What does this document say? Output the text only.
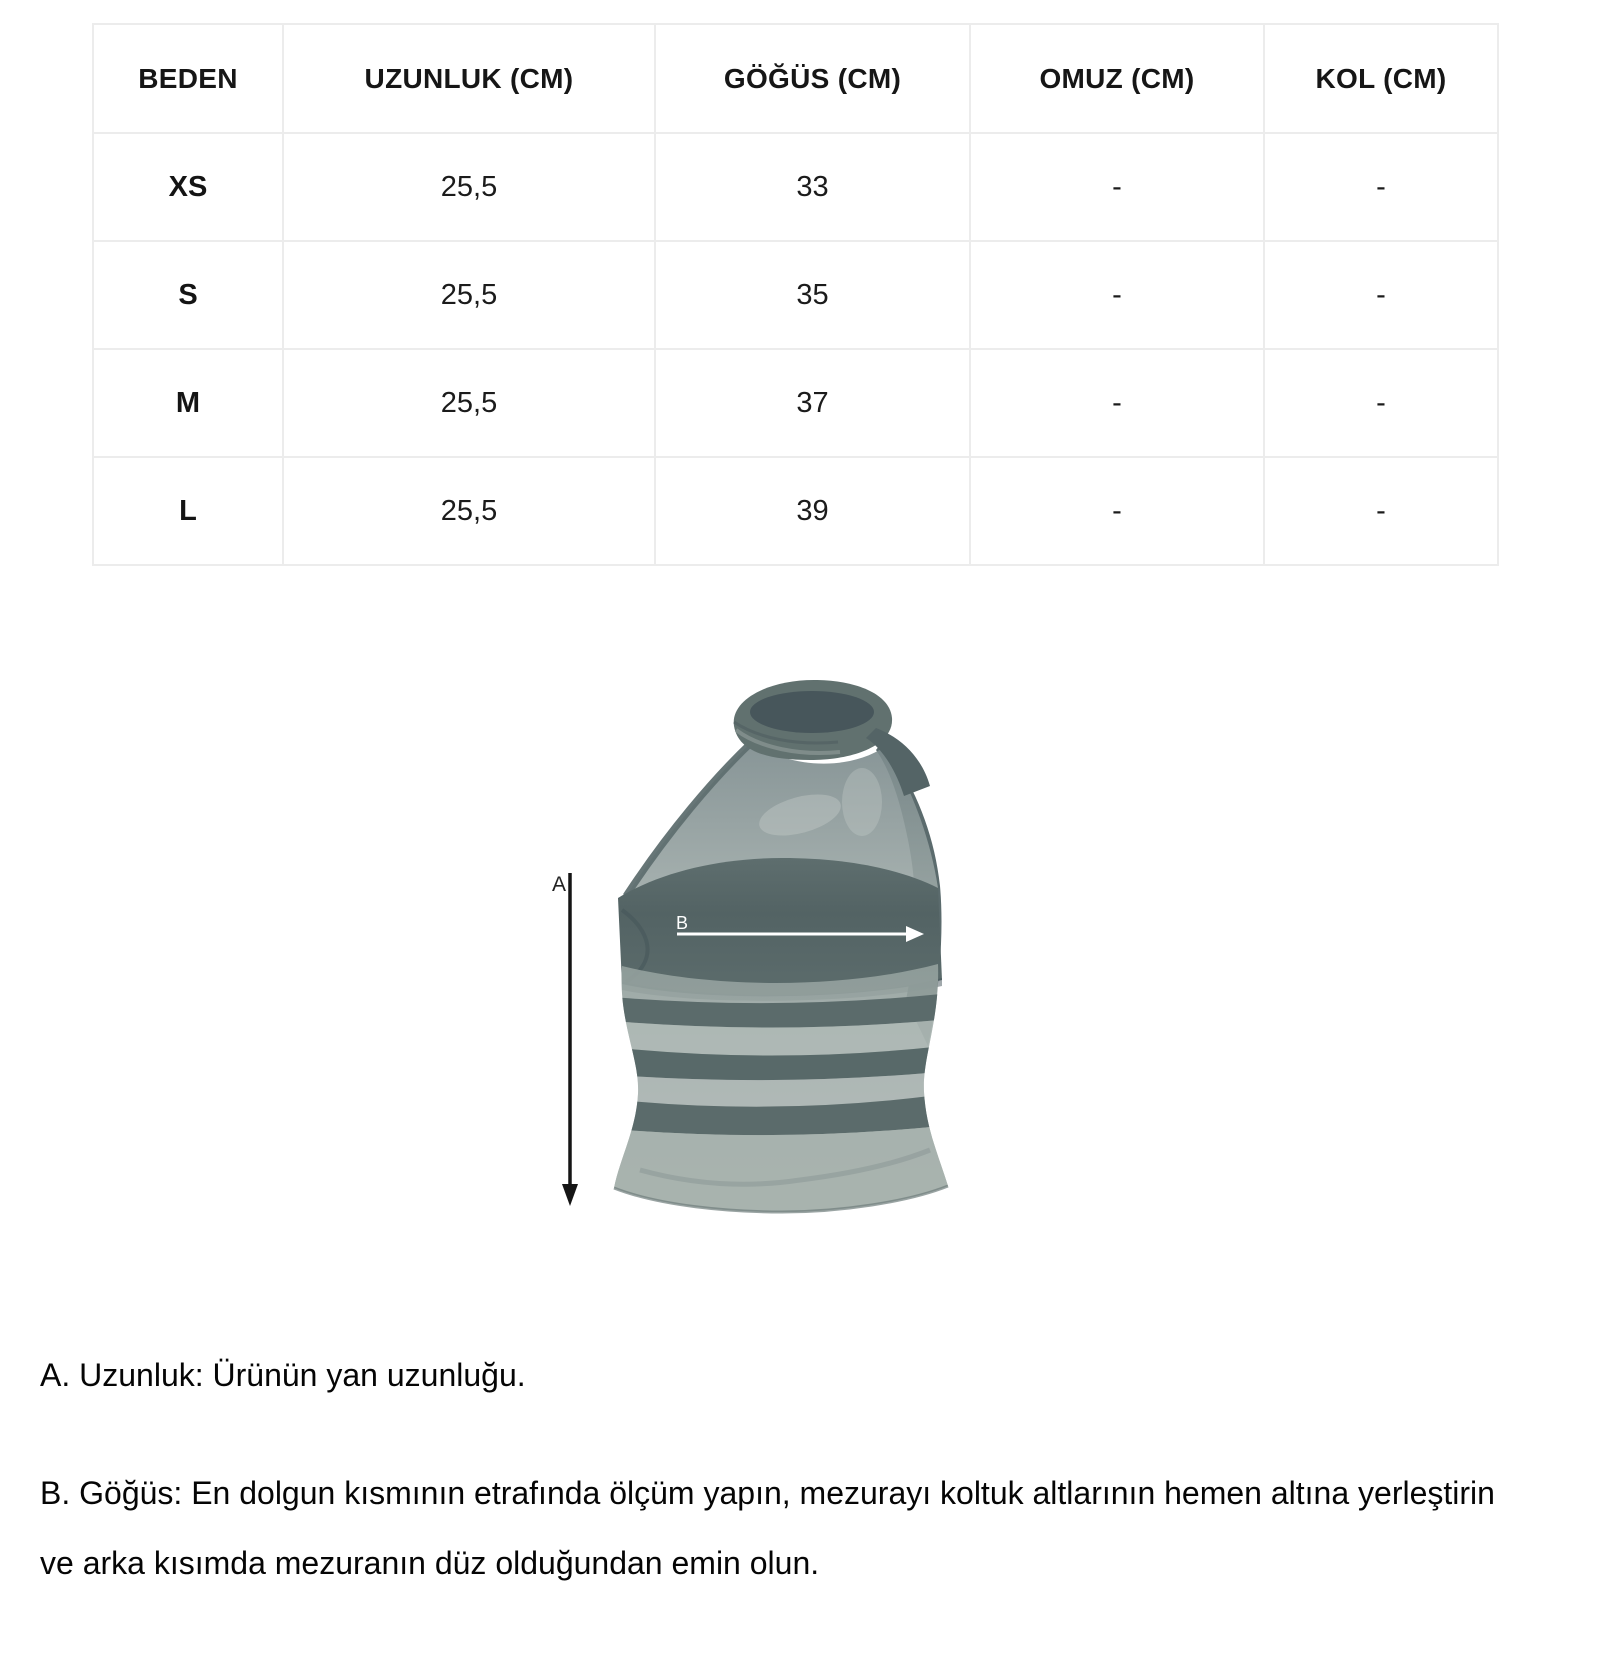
BEDEN	UZUNLUK (CM)	GÖĞÜS (CM)	OMUZ (CM)	KOL (CM)
XS	25,5	33	-	-
S	25,5	35	-	-
M	25,5	37	-	-
L	25,5	39	-	-
A
B
A. Uzunluk: Ürünün yan uzunluğu.
B. Göğüs: En dolgun kısmının etrafında ölçüm yapın, mezurayı koltuk altlarının hemen altına yerleştirin ve arka kısımda mezuranın düz olduğundan emin olun.
